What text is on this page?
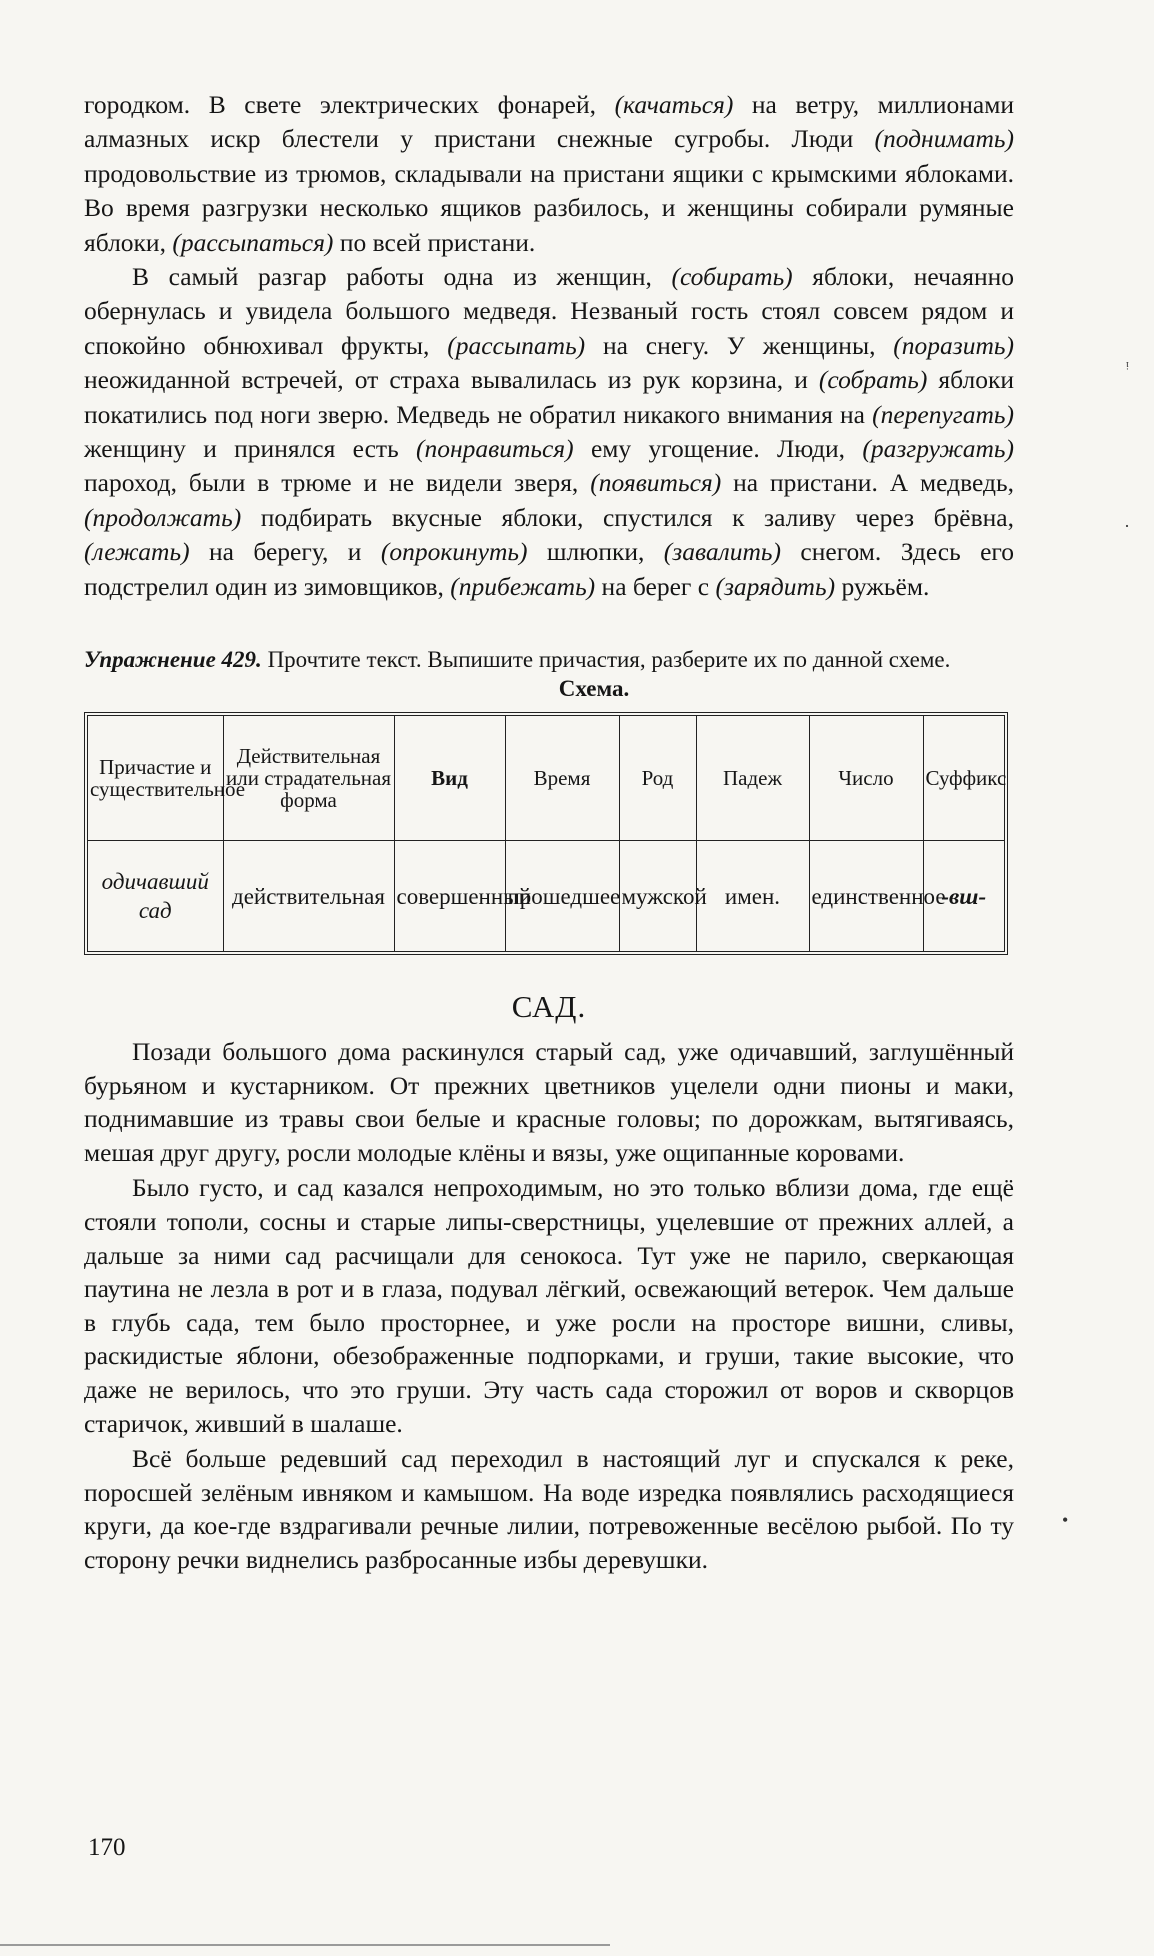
городком. В свете электрических фонарей, (качаться) на ветру, миллионами алмазных искр блестели у пристани снежные сугробы. Люди (поднимать) продовольствие из трюмов, складывали на пристани ящики с крымскими яблоками. Во время разгрузки несколько ящиков разбилось, и женщины собирали румяные яблоки, (рассыпаться) по всей пристани.

В самый разгар работы одна из женщин, (собирать) яблоки, нечаянно обернулась и увидела большого медведя. Незваный гость стоял совсем рядом и спокойно обнюхивал фрукты, (рассыпать) на снегу. У женщины, (поразить) неожиданной встречей, от страха вывалилась из рук корзина, и (собрать) яблоки покатились под ноги зверю. Медведь не обратил никакого внимания на (перепугать) женщину и принялся есть (понравиться) ему угощение. Люди, (разгружать) пароход, были в трюме и не видели зверя, (появиться) на пристани. А медведь, (продолжать) подбирать вкусные яблоки, спустился к заливу через брёвна, (лежать) на берегу, и (опрокинуть) шлюпки, (завалить) снегом. Здесь его подстрелил один из зимовщиков, (прибежать) на берег с (зарядить) ружьём.

Упражнение 429. Прочтите текст. Выпишите причастия, разберите их по данной схеме.

Схема.
Причастие и существительное	Действительная или страдательная форма	Вид	Время	Род	Падеж	Число	Суффикс
одичавший сад	действительная	совершенный	прошедшее	мужской	имен.	единственное	-вш-
САД.

Позади большого дома раскинулся старый сад, уже одичавший, заглушённый бурьяном и кустарником. От прежних цветников уцелели одни пионы и маки, поднимавшие из травы свои белые и красные головы; по дорожкам, вытягиваясь, мешая друг другу, росли молодые клёны и вязы, уже ощипанные коровами.

Было густо, и сад казался непроходимым, но это только вблизи дома, где ещё стояли тополи, сосны и старые липы-сверстницы, уцелевшие от прежних аллей, а дальше за ними сад расчищали для сенокоса. Тут уже не парило, сверкающая паутина не лезла в рот и в глаза, подувал лёгкий, освежающий ветерок. Чем дальше в глубь сада, тем было просторнее, и уже росли на просторе вишни, сливы, раскидистые яблони, обезображенные подпорками, и груши, такие высокие, что даже не верилось, что это груши. Эту часть сада сторожил от воров и скворцов старичок, живший в шалаше.

Всё больше редевший сад переходил в настоящий луг и спускался к реке, поросшей зелёным ивняком и камышом. На воде изредка появлялись расходящиеся круги, да кое-где вздрагивали речные лилии, потревоженные весёлою рыбой. По ту сторону речки виднелись разбросанные избы деревушки.

170
ᵎ
·
•
